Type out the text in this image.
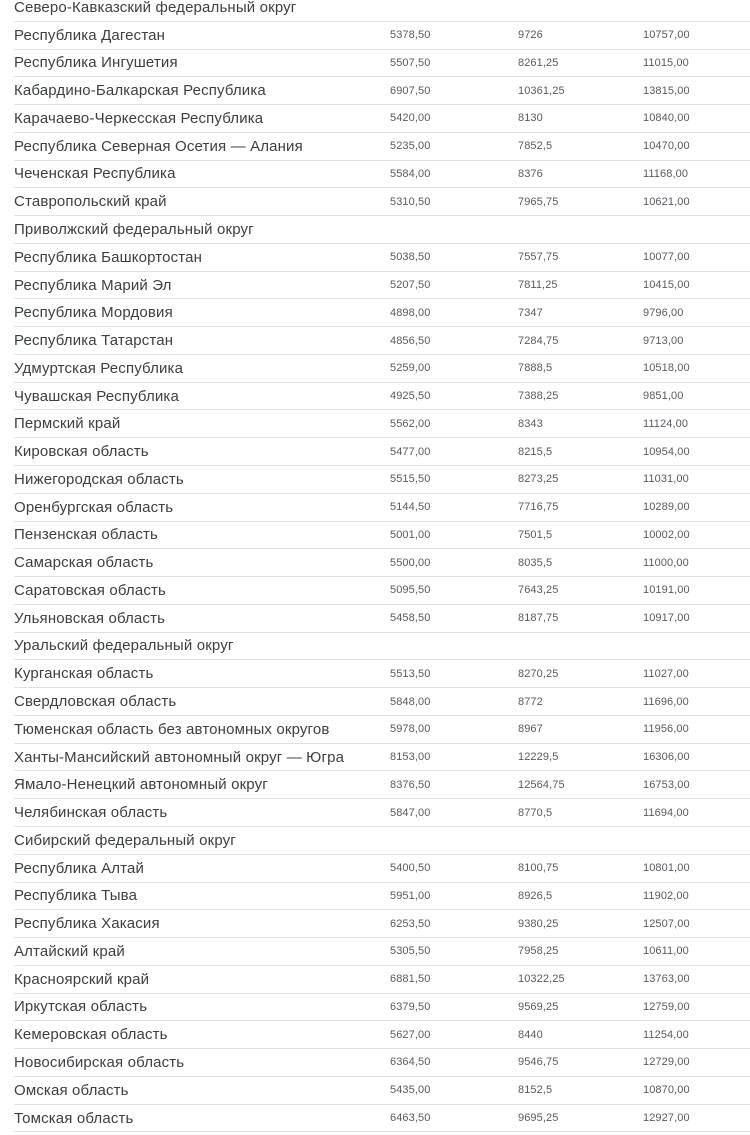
Северо-Кавказский федеральный округ
Республика Дагестан	5378,50	9726	10757,00
Республика Ингушетия	5507,50	8261,25	11015,00
Кабардино-Балкарская Республика	6907,50	10361,25	13815,00
Карачаево-Черкесская Республика	5420,00	8130	10840,00
Республика Северная Осетия — Алания	5235,00	7852,5	10470,00
Чеченская Республика	5584,00	8376	11168,00
Ставропольский край	5310,50	7965,75	10621,00
Приволжский федеральный округ
Республика Башкортостан	5038,50	7557,75	10077,00
Республика Марий Эл	5207,50	7811,25	10415,00
Республика Мордовия	4898,00	7347	9796,00
Республика Татарстан	4856,50	7284,75	9713,00
Удмуртская Республика	5259,00	7888,5	10518,00
Чувашская Республика	4925,50	7388,25	9851,00
Пермский край	5562,00	8343	11124,00
Кировская область	5477,00	8215,5	10954,00
Нижегородская область	5515,50	8273,25	11031,00
Оренбургская область	5144,50	7716,75	10289,00
Пензенская область	5001,00	7501,5	10002,00
Самарская область	5500,00	8035,5	11000,00
Саратовская область	5095,50	7643,25	10191,00
Ульяновская область	5458,50	8187,75	10917,00
Уральский федеральный округ
Курганская область	5513,50	8270,25	11027,00
Свердловская область	5848,00	8772	11696,00
Тюменская область без автономных округов	5978,00	8967	11956,00
Ханты-Мансийский автономный округ — Югра	8153,00	12229,5	16306,00
Ямало-Ненецкий автономный округ	8376,50	12564,75	16753,00
Челябинская область	5847,00	8770,5	11694,00
Сибирский федеральный округ
Республика Алтай	5400,50	8100,75	10801,00
Республика Тыва	5951,00	8926,5	11902,00
Республика Хакасия	6253,50	9380,25	12507,00
Алтайский край	5305,50	7958,25	10611,00
Красноярский край	6881,50	10322,25	13763,00
Иркутская область	6379,50	9569,25	12759,00
Кемеровская область	5627,00	8440	11254,00
Новосибирская область	6364,50	9546,75	12729,00
Омская область	5435,00	8152,5	10870,00
Томская область	6463,50	9695,25	12927,00
